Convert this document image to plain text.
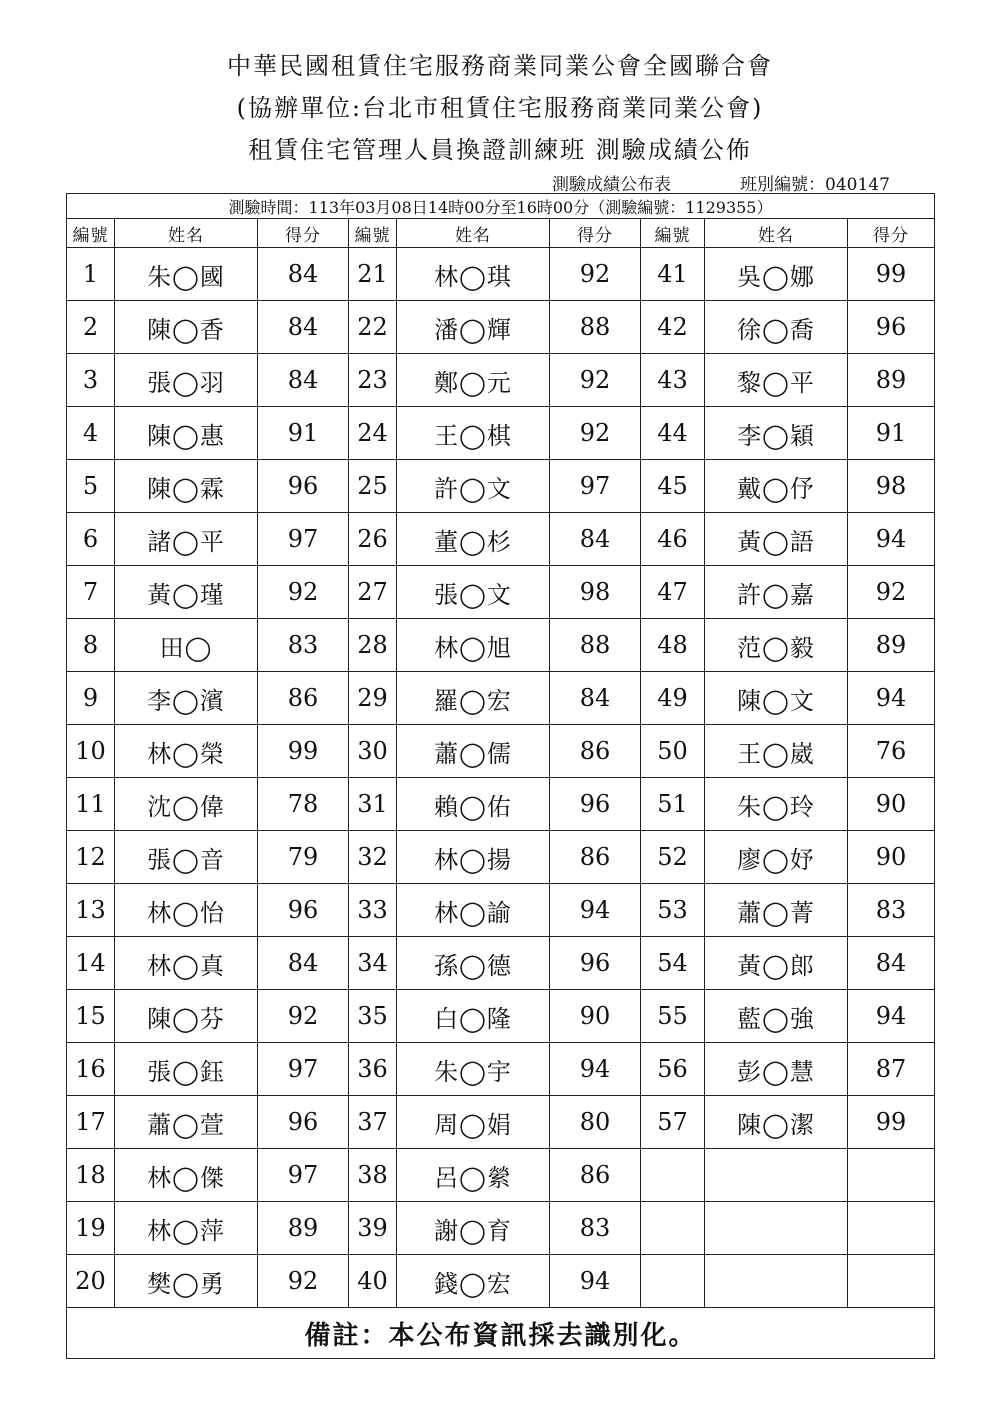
中華民國租賃住宅服務商業同業公會全國聯合會
(協辦單位:台北市租賃住宅服務商業同業公會)
租賃住宅管理人員換證訓練班 測驗成績公佈
測驗成績公布表	班別編號：040147
測驗時間：113年03月08日14時00分至16時00分（測驗編號：1129355）								
編號	姓名	得分	編號	姓名	得分	編號	姓名	得分
1	朱◯國	84	21	林◯琪	92	41	吳◯娜	99
2	陳◯香	84	22	潘◯輝	88	42	徐◯喬	96
3	張◯羽	84	23	鄭◯元	92	43	黎◯平	89
4	陳◯惠	91	24	王◯棋	92	44	李◯穎	91
5	陳◯霖	96	25	許◯文	97	45	戴◯伃	98
6	諸◯平	97	26	董◯杉	84	46	黃◯語	94
7	黃◯瑾	92	27	張◯文	98	47	許◯嘉	92
8	田◯	83	28	林◯旭	88	48	范◯毅	89
9	李◯濱	86	29	羅◯宏	84	49	陳◯文	94
10	林◯榮	99	30	蕭◯儒	86	50	王◯崴	76
11	沈◯偉	78	31	賴◯佑	96	51	朱◯玲	90
12	張◯音	79	32	林◯揚	86	52	廖◯妤	90
13	林◯怡	96	33	林◯諭	94	53	蕭◯菁	83
14	林◯真	84	34	孫◯德	96	54	黃◯郎	84
15	陳◯芬	92	35	白◯隆	90	55	藍◯強	94
16	張◯鈺	97	36	朱◯宇	94	56	彭◯慧	87
17	蕭◯萱	96	37	周◯娟	80	57	陳◯潔	99
18	林◯傑	97	38	呂◯縈	86			
19	林◯萍	89	39	謝◯育	83			
20	樊◯勇	92	40	錢◯宏	94			
備註：本公布資訊採去識別化。								
